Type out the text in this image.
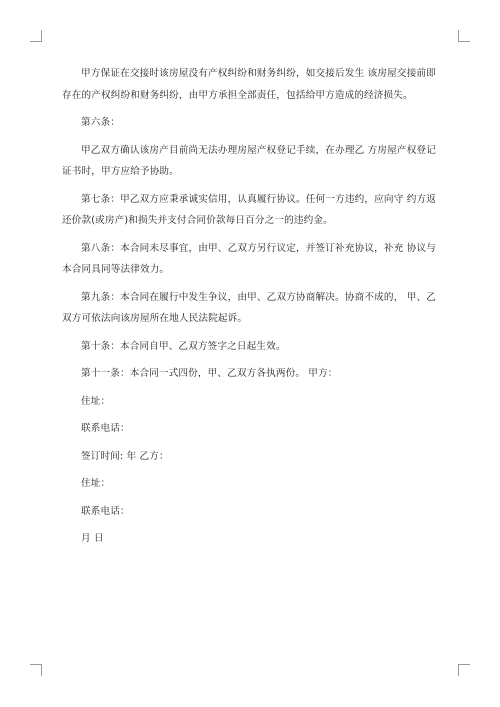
甲方保证在交接时该房屋没有产权纠纷和财务纠纷，如交接后发生 该房屋交接前即存在的产权纠纷和财务纠纷，由甲方承担全部责任，包括给甲方造成的经济损失。

第六条：

甲乙双方确认该房产目前尚无法办理房屋产权登记手续，在办理乙 方房屋产权登记证书时，甲方应给予协助。

第七条：甲乙双方应秉承诚实信用，认真履行协议。任何一方违约，应向守 约方返还价款(或房产)和损失并支付合同价款每日百分之一的违约金。

第八条：本合同未尽事宜，由甲、乙双方另行议定，并签订补充协议，补充 协议与本合同具同等法律效力。

第九条：本合同在履行中发生争议，由甲、乙双方协商解决。协商不成的， 甲、乙双方可依法向该房屋所在地人民法院起诉。

第十条：本合同自甲、乙双方签字之日起生效。

第十一条：本合同一式四份，甲、乙双方各执两份。 甲方：

住址：
联系电话：
签订时间: 年 乙方：
住址：
联系电话：
月 日
